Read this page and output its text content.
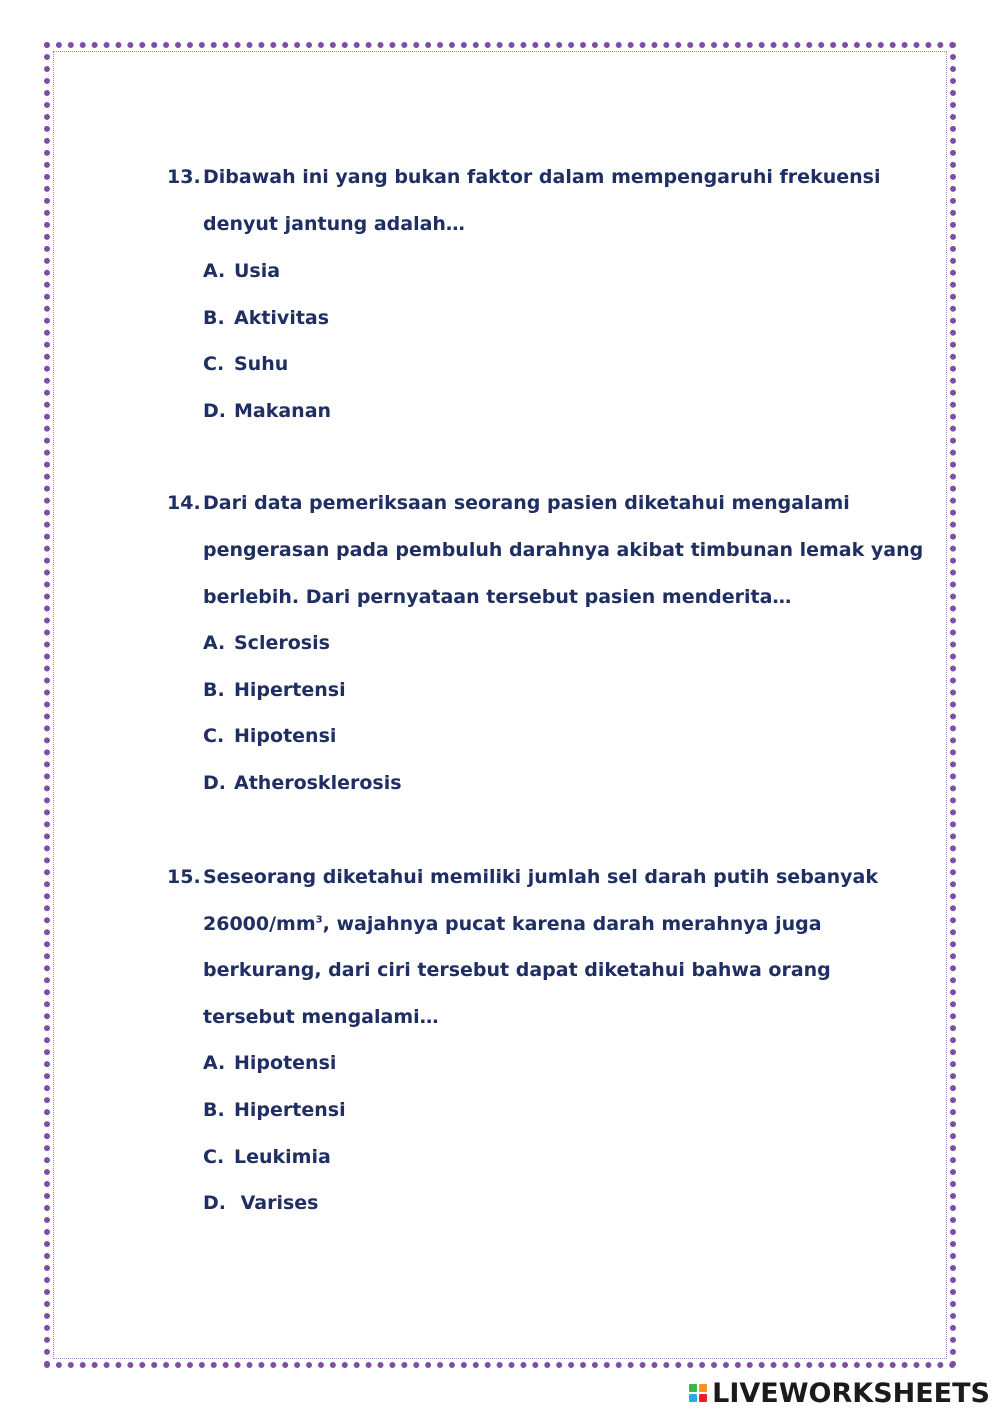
13. Dibawah ini yang bukan faktor dalam mempengaruhi frekuensi
denyut jantung adalah…
A. Usia
B. Aktivitas
C. Suhu
D. Makanan
14. Dari data pemeriksaan seorang pasien diketahui mengalami
pengerasan pada pembuluh darahnya akibat timbunan lemak yang
berlebih. Dari pernyataan tersebut pasien menderita…
A. Sclerosis
B. Hipertensi
C. Hipotensi
D. Atherosklerosis
15. Seseorang diketahui memiliki jumlah sel darah putih sebanyak
$26000/mm^3$, wajahnya pucat karena darah merahnya juga
berkurang, dari ciri tersebut dapat diketahui bahwa orang
tersebut mengalami…
A. Hipotensi
B. Hipertensi
C. Leukimia
D. Varises
LIVEWORKSHEETS
